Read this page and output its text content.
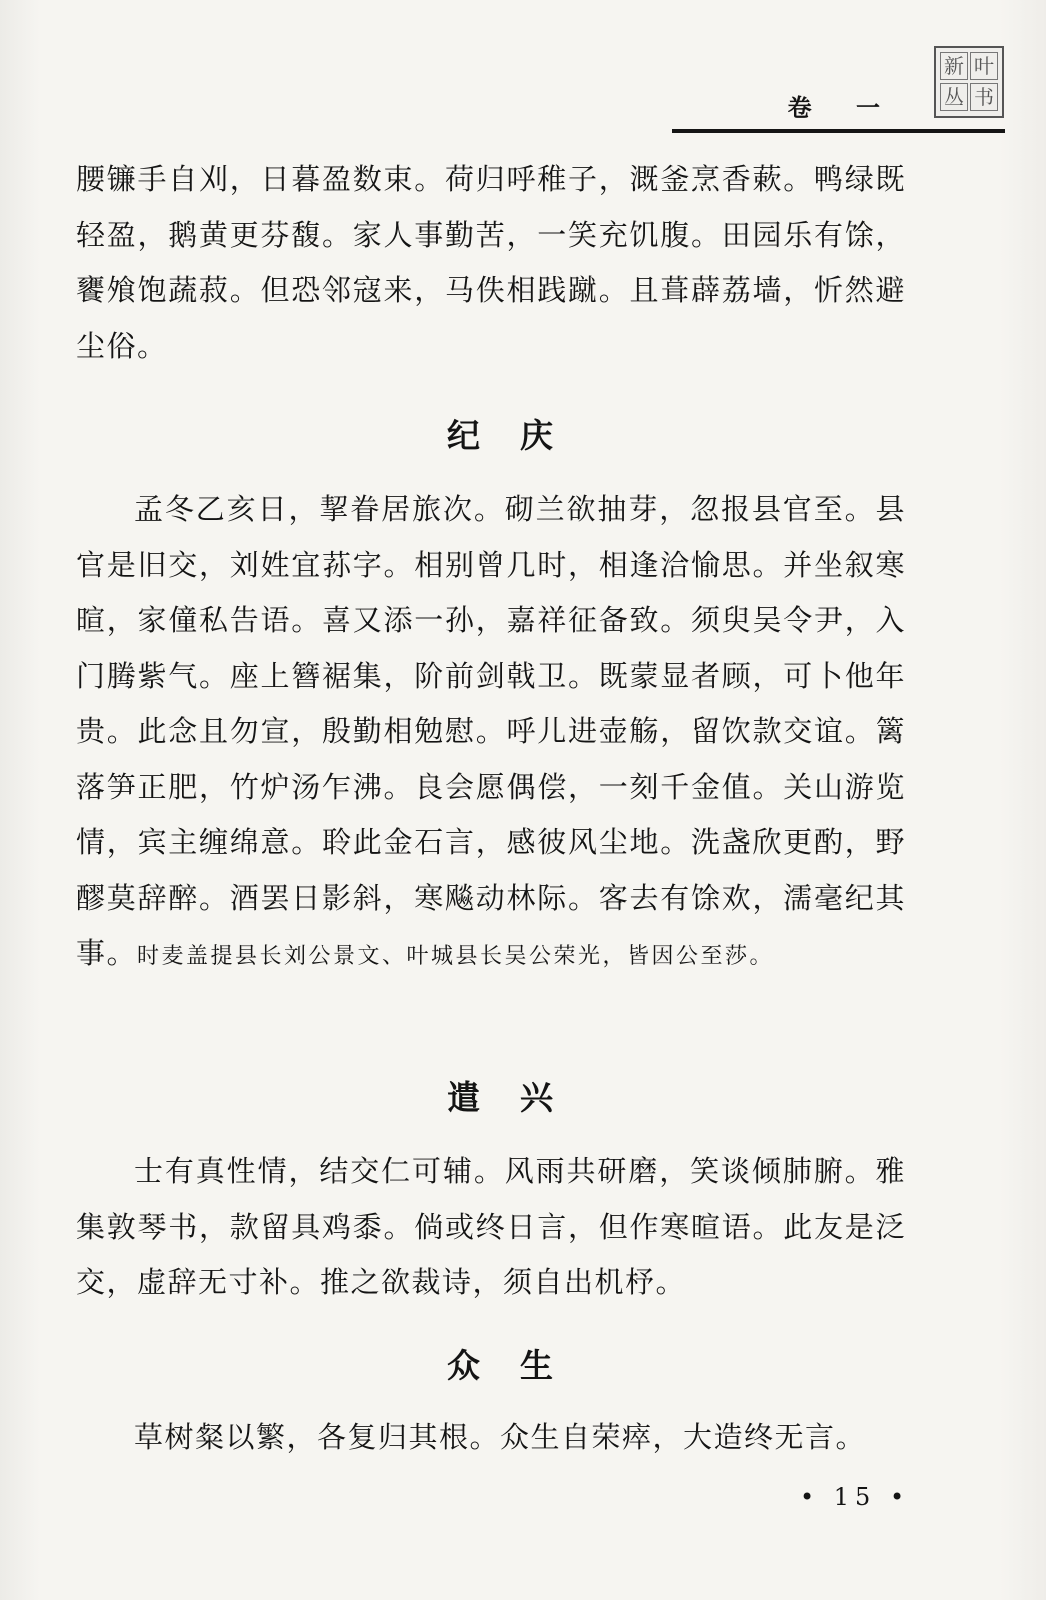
卷 一
新 叶
丛 书

腰镰手自刈，日暮盈数束。荷归呼稚子，溉釜烹香蔌。鸭绿既轻盈，鹅黄更芬馥。家人事勤苦，一笑充饥腹。田园乐有馀，饔飧饱蔬菽。但恐邻寇来，马佚相践蹴。且葺薜荔墙，忻然避尘俗。

纪 庆

孟冬乙亥日，挈眷居旅次。砌兰欲抽芽，忽报县官至。县官是旧交，刘姓宜荪字。相别曾几时，相逢洽愉思。并坐叙寒暄，家僮私告语。喜又添一孙，嘉祥征备致。须臾吴令尹，入门腾紫气。座上簪裾集，阶前剑戟卫。既蒙显者顾，可卜他年贵。此念且勿宣，殷勤相勉慰。呼儿进壶觞，留饮款交谊。篱落笋正肥，竹炉汤乍沸。良会愿偶偿，一刻千金值。关山游览情，宾主缠绵意。聆此金石言，感彼风尘地。洗盏欣更酌，野醪莫辞醉。酒罢日影斜，寒飚动林际。客去有馀欢，濡毫纪其事。时麦盖提县长刘公景文、叶城县长吴公荣光，皆因公至莎。

遣 兴

士有真性情，结交仁可辅。风雨共研磨，笑谈倾肺腑。雅集敦琴书，款留具鸡黍。倘或终日言，但作寒暄语。此友是泛交，虚辞无寸补。推之欲裁诗，须自出机杼。

众 生

草树粲以繁，各复归其根。众生自荣瘁，大造终无言。

• 15 •
